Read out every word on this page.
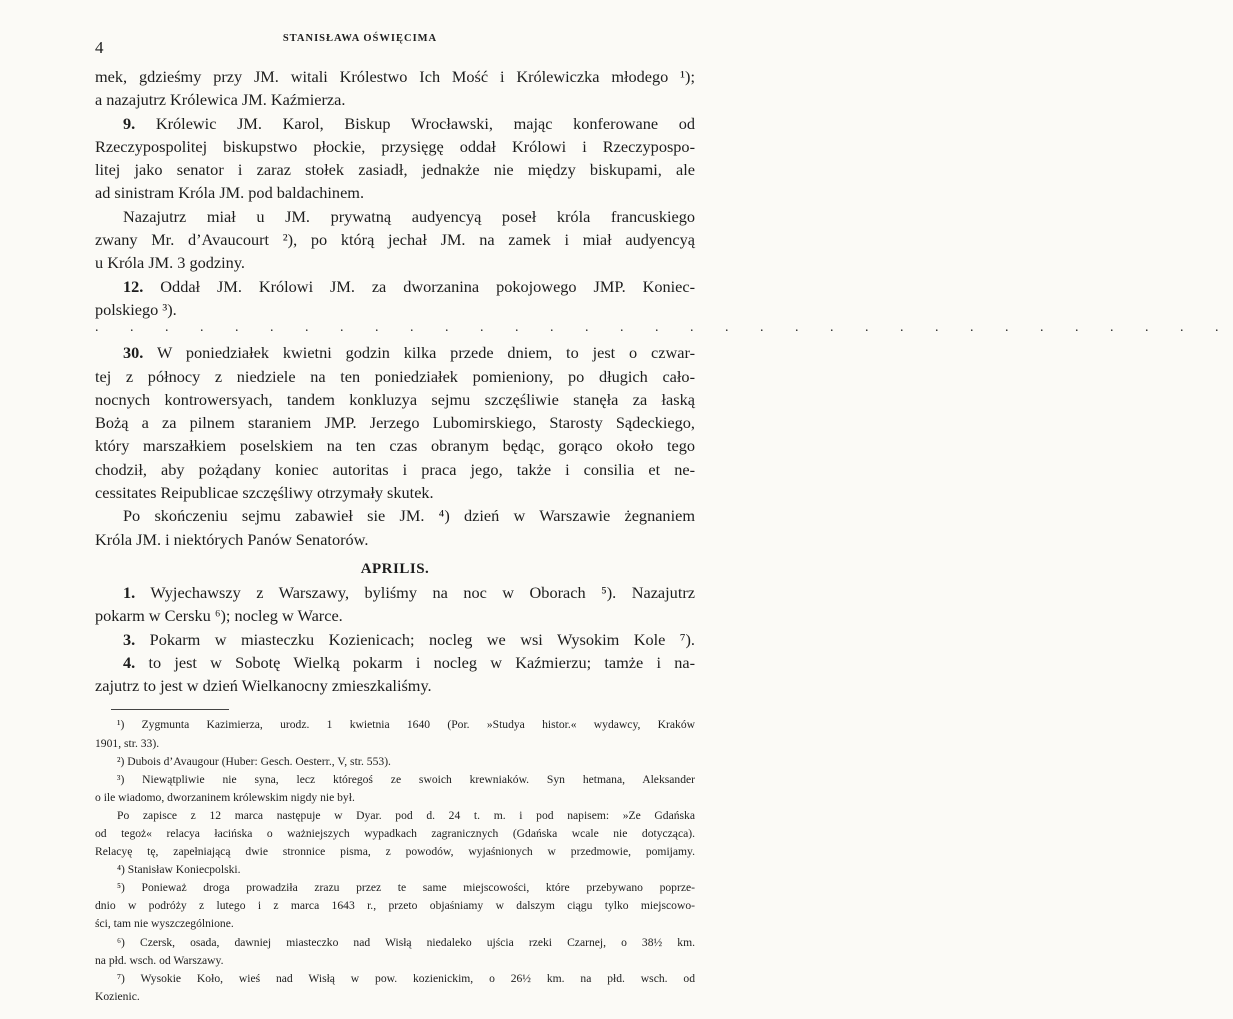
4	STANISŁAWA OŚWIĘCIMA
mek, gdzieśmy przy JM. witali Królestwo Ich Mość i Królewiczka młodego ¹);
a nazajutrz Królewica JM. Kaźmierza.
9. Królewic JM. Karol, Biskup Wrocławski, mając konferowane od
Rzeczypospolitej biskupstwo płockie, przysięgę oddał Królowi i Rzeczypospo-
litej jako senator i zaraz stołek zasiadł, jednakże nie między biskupami, ale
ad sinistram Króla JM. pod baldachinem.
Nazajutrz miał u JM. prywatną audyencyą poseł króla francuskiego
zwany Mr. d’Avaucourt ²), po którą jechał JM. na zamek i miał audyencyą
u Króla JM. 3 godziny.
12. Oddał JM. Królowi JM. za dworzanina pokojowego JMP. Koniec-
polskiego ³).
. . . . . . . . . . . . . . . . . . . . . . . . . . . . . . . . .
30. W poniedziałek kwietni godzin kilka przede dniem, to jest o czwar-
tej z północy z niedziele na ten poniedziałek pomieniony, po długich cało-
nocnych kontrowersyach, tandem konkluzya sejmu szczęśliwie stanęła za łaską
Bożą a za pilnem staraniem JMP. Jerzego Lubomirskiego, Starosty Sądeckiego,
który marszałkiem poselskiem na ten czas obranym będąc, gorąco około tego
chodził, aby pożądany koniec autoritas i praca jego, także i consilia et ne-
cessitates Reipublicae szczęśliwy otrzymały skutek.
Po skończeniu sejmu zabawieł sie JM. ⁴) dzień w Warszawie żegnaniem
Króla JM. i niektórych Panów Senatorów.
APRILIS.
1. Wyjechawszy z Warszawy, byliśmy na noc w Oborach ⁵). Nazajutrz
pokarm w Cersku ⁶); nocleg w Warce.
3. Pokarm w miasteczku Kozienicach; nocleg we wsi Wysokim Kole ⁷).
4. to jest w Sobotę Wielką pokarm i nocleg w Kaźmierzu; tamże i na-
zajutrz to jest w dzień Wielkanocny zmieszkaliśmy.
¹) Zygmunta Kazimierza, urodz. 1 kwietnia 1640 (Por. »Studya histor.« wydawcy, Kraków
1901, str. 33).
²) Dubois d’Avaugour (Huber: Gesch. Oesterr., V, str. 553).
³) Niewątpliwie nie syna, lecz któregoś ze swoich krewniaków. Syn hetmana, Aleksander
o ile wiadomo, dworzaninem królewskim nigdy nie był.
Po zapisce z 12 marca następuje w Dyar. pod d. 24 t. m. i pod napisem: »Ze Gdańska
od tegoż« relacya łacińska o ważniejszych wypadkach zagranicznych (Gdańska wcale nie dotycząca).
Relacyę tę, zapełniającą dwie stronnice pisma, z powodów, wyjaśnionych w przedmowie, pomijamy.
⁴) Stanisław Koniecpolski.
⁵) Ponieważ droga prowadziła zrazu przez te same miejscowości, które przebywano poprze-
dnio w podróży z lutego i z marca 1643 r., przeto objaśniamy w dalszym ciągu tylko miejscowo-
ści, tam nie wyszczególnione.
⁶) Czersk, osada, dawniej miasteczko nad Wisłą niedaleko ujścia rzeki Czarnej, o 38½ km.
na płd. wsch. od Warszawy.
⁷) Wysokie Koło, wieś nad Wisłą w pow. kozienickim, o 26½ km. na płd. wsch. od
Kozienic.
